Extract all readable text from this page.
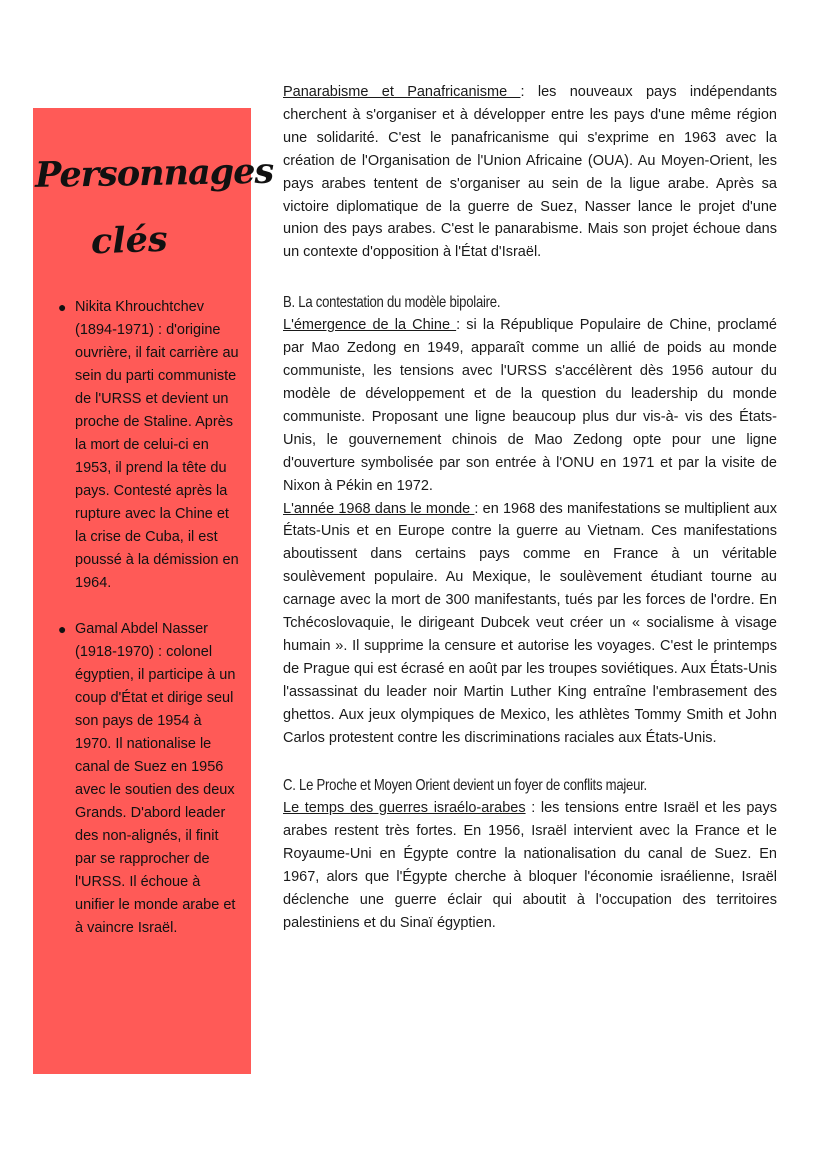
Personnages
clés
● Nikita Khrouchtchev (1894-1971) : d'origine ouvrière, il fait carrière au sein du parti communiste de l'URSS et devient un proche de Staline. Après la mort de celui-ci en 1953, il prend la tête du pays. Contesté après la rupture avec la Chine et la crise de Cuba, il est poussé à la démission en 1964.
● Gamal Abdel Nasser (1918-1970) : colonel égyptien, il participe à un coup d'État et dirige seul son pays de 1954 à 1970. Il nationalise le canal de Suez en 1956 avec le soutien des deux Grands. D'abord leader des non-alignés, il finit par se rapprocher de l'URSS. Il échoue à unifier le monde arabe et à vaincre Israël.

Panarabisme et Panafricanisme : les nouveaux pays indépendants cherchent à s'organiser et à développer entre les pays d'une même région une solidarité. C'est le panafricanisme qui s'exprime en 1963 avec la création de l'Organisation de l'Union Africaine (OUA). Au Moyen-Orient, les pays arabes tentent de s'organiser au sein de la ligue arabe. Après sa victoire diplomatique de la guerre de Suez, Nasser lance le projet d'une union des pays arabes. C'est le panarabisme. Mais son projet échoue dans un contexte d'opposition à l'État d'Israël.

B. La contestation du modèle bipolaire.

L'émergence de la Chine : si la République Populaire de Chine, proclamé par Mao Zedong en 1949, apparaît comme un allié de poids au monde communiste, les tensions avec l'URSS s'accélèrent dès 1956 autour du modèle de développement et de la question du leadership du monde communiste. Proposant une ligne beaucoup plus dur vis-à- vis des États-Unis, le gouvernement chinois de Mao Zedong opte pour une ligne d'ouverture symbolisée par son entrée à l'ONU en 1971 et par la visite de Nixon à Pékin en 1972.

L'année 1968 dans le monde : en 1968 des manifestations se multiplient aux États-Unis et en Europe contre la guerre au Vietnam. Ces manifestations aboutissent dans certains pays comme en France à un véritable soulèvement populaire. Au Mexique, le soulèvement étudiant tourne au carnage avec la mort de 300 manifestants, tués par les forces de l'ordre. En Tchécoslovaquie, le dirigeant Dubcek veut créer un « socialisme à visage humain ». Il supprime la censure et autorise les voyages. C'est le printemps de Prague qui est écrasé en août par les troupes soviétiques. Aux États-Unis l'assassinat du leader noir Martin Luther King entraîne l'embrasement des ghettos. Aux jeux olympiques de Mexico, les athlètes Tommy Smith et John Carlos protestent contre les discriminations raciales aux États-Unis.

C. Le Proche et Moyen Orient devient un foyer de conflits majeur.

Le temps des guerres israélo-arabes : les tensions entre Israël et les pays arabes restent très fortes. En 1956, Israël intervient avec la France et le Royaume-Uni en Égypte contre la nationalisation du canal de Suez. En 1967, alors que l'Égypte cherche à bloquer l'économie israélienne, Israël déclenche une guerre éclair qui aboutit à l'occupation des territoires palestiniens et du Sinaï égyptien.
